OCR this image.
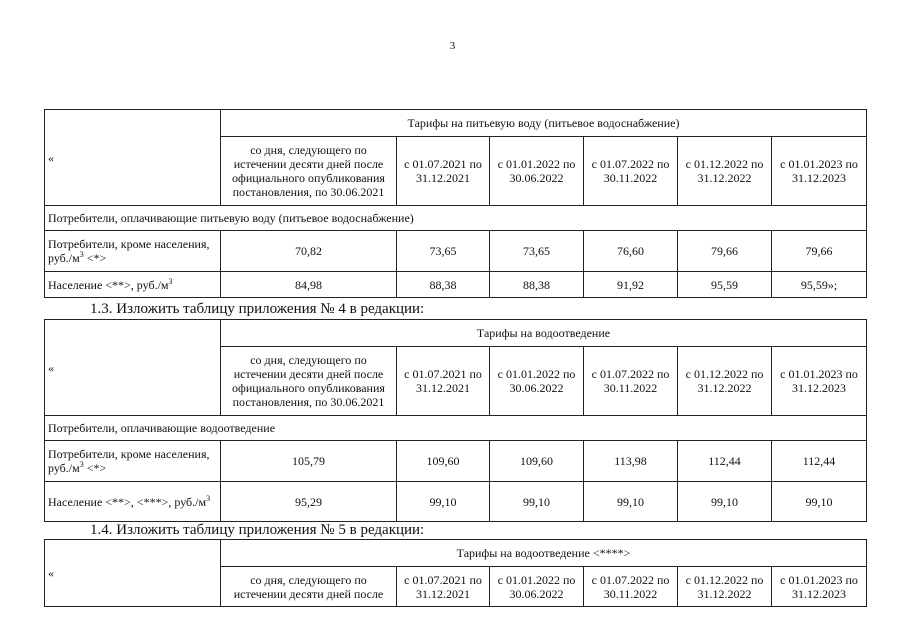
3
«	Тарифы на питьевую воду (питьевое водоснабжение)					
	со дня, следующего по истечении десяти дней после официального опубликования постановления, по 30.06.2021	с 01.07.2021 по 31.12.2021	с 01.01.2022 по 30.06.2022	с 01.07.2022 по 30.11.2022	с 01.12.2022 по 31.12.2022	с 01.01.2023 по 31.12.2023
Потребители, оплачивающие питьевую воду (питьевое водоснабжение)						
Потребители, кроме населения, $руб./м^3$ <*>	70,82	73,65	73,65	76,60	79,66	79,66
Население <**>, $руб./м^3$	84,98	88,38	88,38	91,92	95,59	95,59»;
1.3. Изложить таблицу приложения № 4 в редакции:
«	Тарифы на водоотведение					
	со дня, следующего по истечении десяти дней после официального опубликования постановления, по 30.06.2021	с 01.07.2021 по 31.12.2021	с 01.01.2022 по 30.06.2022	с 01.07.2022 по 30.11.2022	с 01.12.2022 по 31.12.2022	с 01.01.2023 по 31.12.2023
Потребители, оплачивающие водоотведение						
Потребители, кроме населения, $руб./м^3$ <*>	105,79	109,60	109,60	113,98	112,44	112,44
Население <**>, <***>, $руб./м^3$	95,29	99,10	99,10	99,10	99,10	99,10
1.4. Изложить таблицу приложения № 5 в редакции:
«	Тарифы на водоотведение <****>					
	со дня, следующего по истечении десяти дней после	с 01.07.2021 по 31.12.2021	с 01.01.2022 по 30.06.2022	с 01.07.2022 по 30.11.2022	с 01.12.2022 по 31.12.2022	с 01.01.2023 по 31.12.2023
